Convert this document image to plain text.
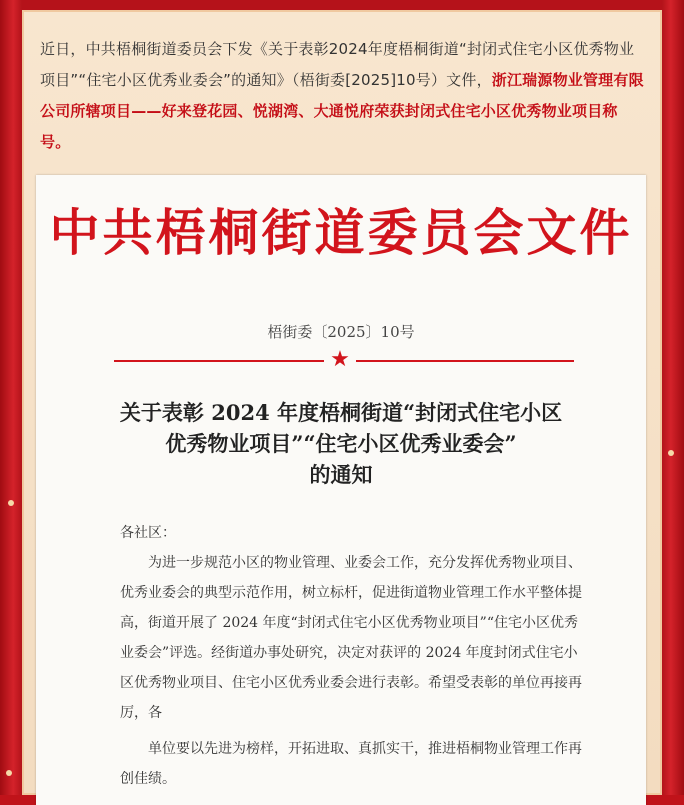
近日，中共梧桐街道委员会下发《关于表彰2024年度梧桐街道“封闭式住宅小区优秀物业项目”“住宅小区优秀业委会”的通知》（梧街委[2025]10号）文件，浙江瑞源物业管理有限公司所辖项目——好来登花园、悦湖湾、大通悦府荣获封闭式住宅小区优秀物业项目称号。
中共梧桐街道委员会文件
梧街委〔2025〕10号
★
关于表彰 2024 年度梧桐街道“封闭式住宅小区
优秀物业项目”“住宅小区优秀业委会”
的通知

各社区：

为进一步规范小区的物业管理、业委会工作，充分发挥优秀物业项目、优秀业委会的典型示范作用，树立标杆，促进街道物业管理工作水平整体提高，街道开展了 2024 年度“封闭式住宅小区优秀物业项目”“住宅小区优秀业委会”评选。经街道办事处研究，决定对获评的 2024 年度封闭式住宅小区优秀物业项目、住宅小区优秀业委会进行表彰。希望受表彰的单位再接再厉，各

单位要以先进为榜样，开拓进取、真抓实干，推进梧桐物业管理工作再创佳绩。
